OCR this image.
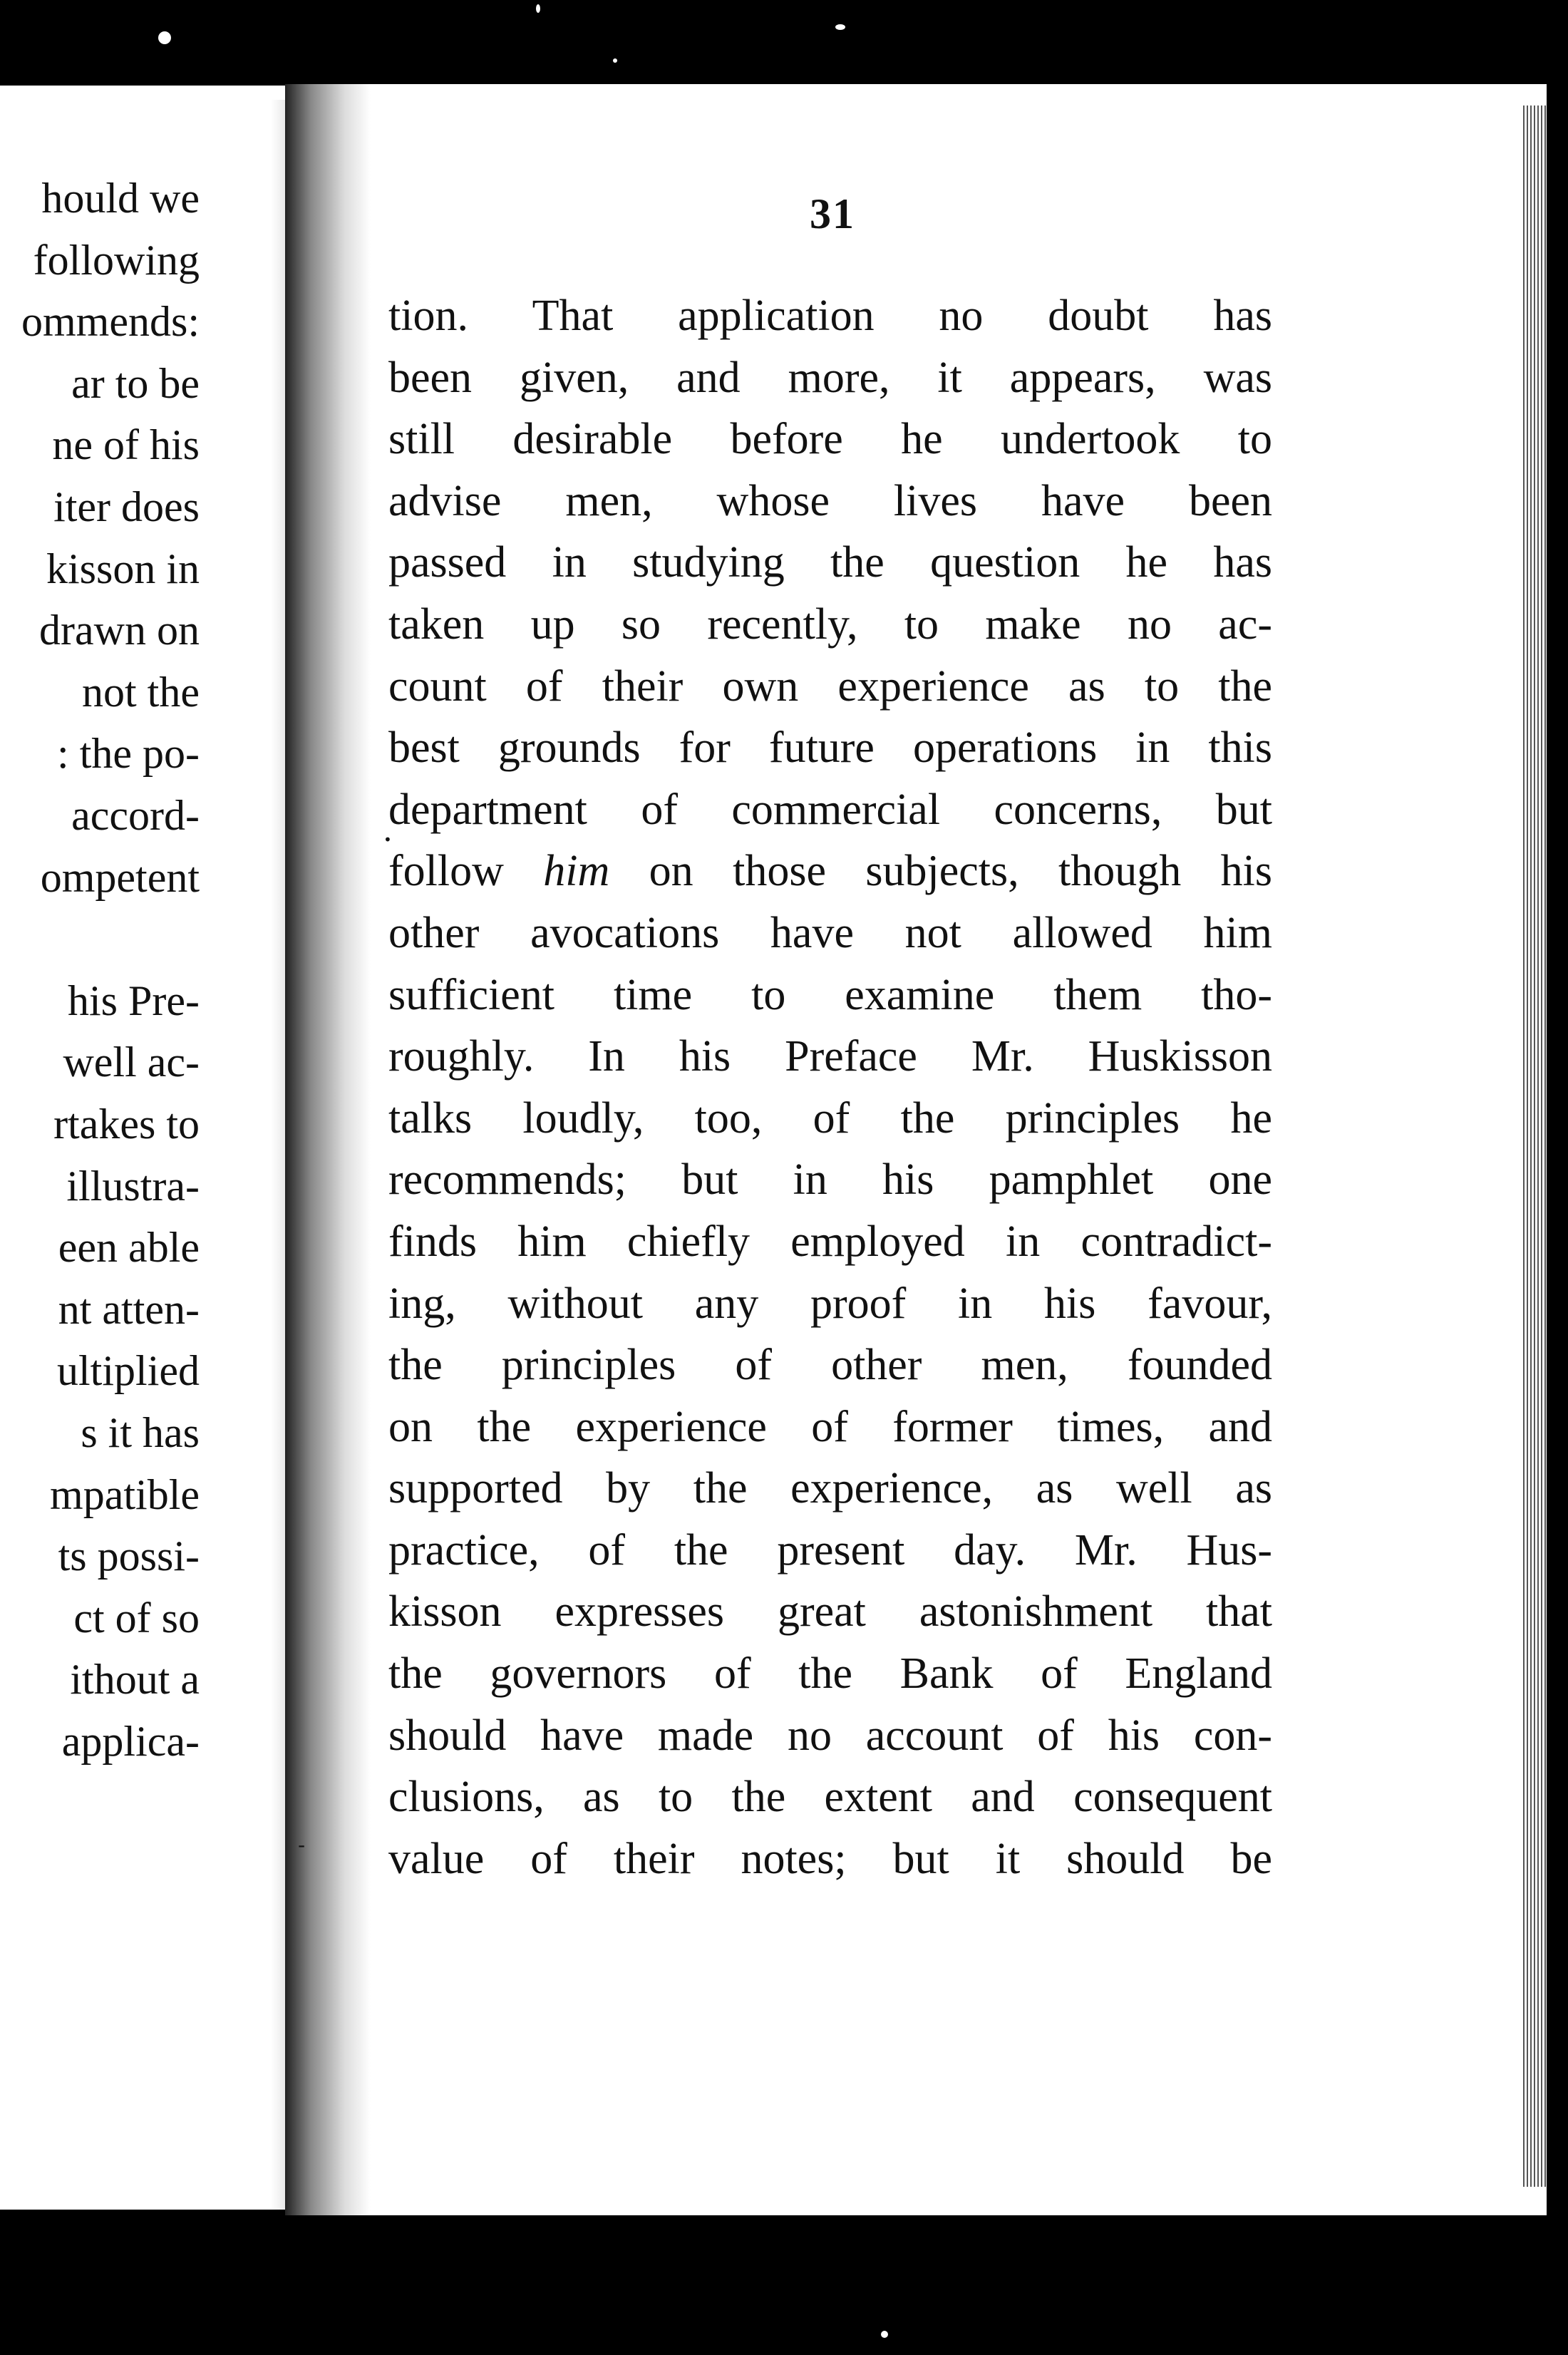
hould we
following
ommends:
ar to be
ne of his
iter does
kisson in
drawn on
not the
: the po-
accord-
ompetent
his Pre-
well ac-
rtakes to
illustra-
een able
nt atten-
ultiplied
s it has
mpatible
ts possi-
ct of so
ithout a
applica-
31
tion. That application no doubt has
been given, and more, it appears, was
still desirable before he undertook to
advise men, whose lives have been
passed in studying the question he has
taken up so recently, to make no ac-
count of their own experience as to the
best grounds for future operations in this
department of commercial concerns, but
follow him on those subjects, though his
other avocations have not allowed him
sufficient time to examine them tho-
roughly. In his Preface Mr. Huskisson
talks loudly, too, of the principles he
recommends; but in his pamphlet one
finds him chiefly employed in contradict-
ing, without any proof in his favour,
the principles of other men, founded
on the experience of former times, and
supported by the experience, as well as
practice, of the present day. Mr. Hus-
kisson expresses great astonishment that
the governors of the Bank of England
should have made no account of his con-
clusions, as to the extent and consequent
value of their notes; but it should be
•
-
